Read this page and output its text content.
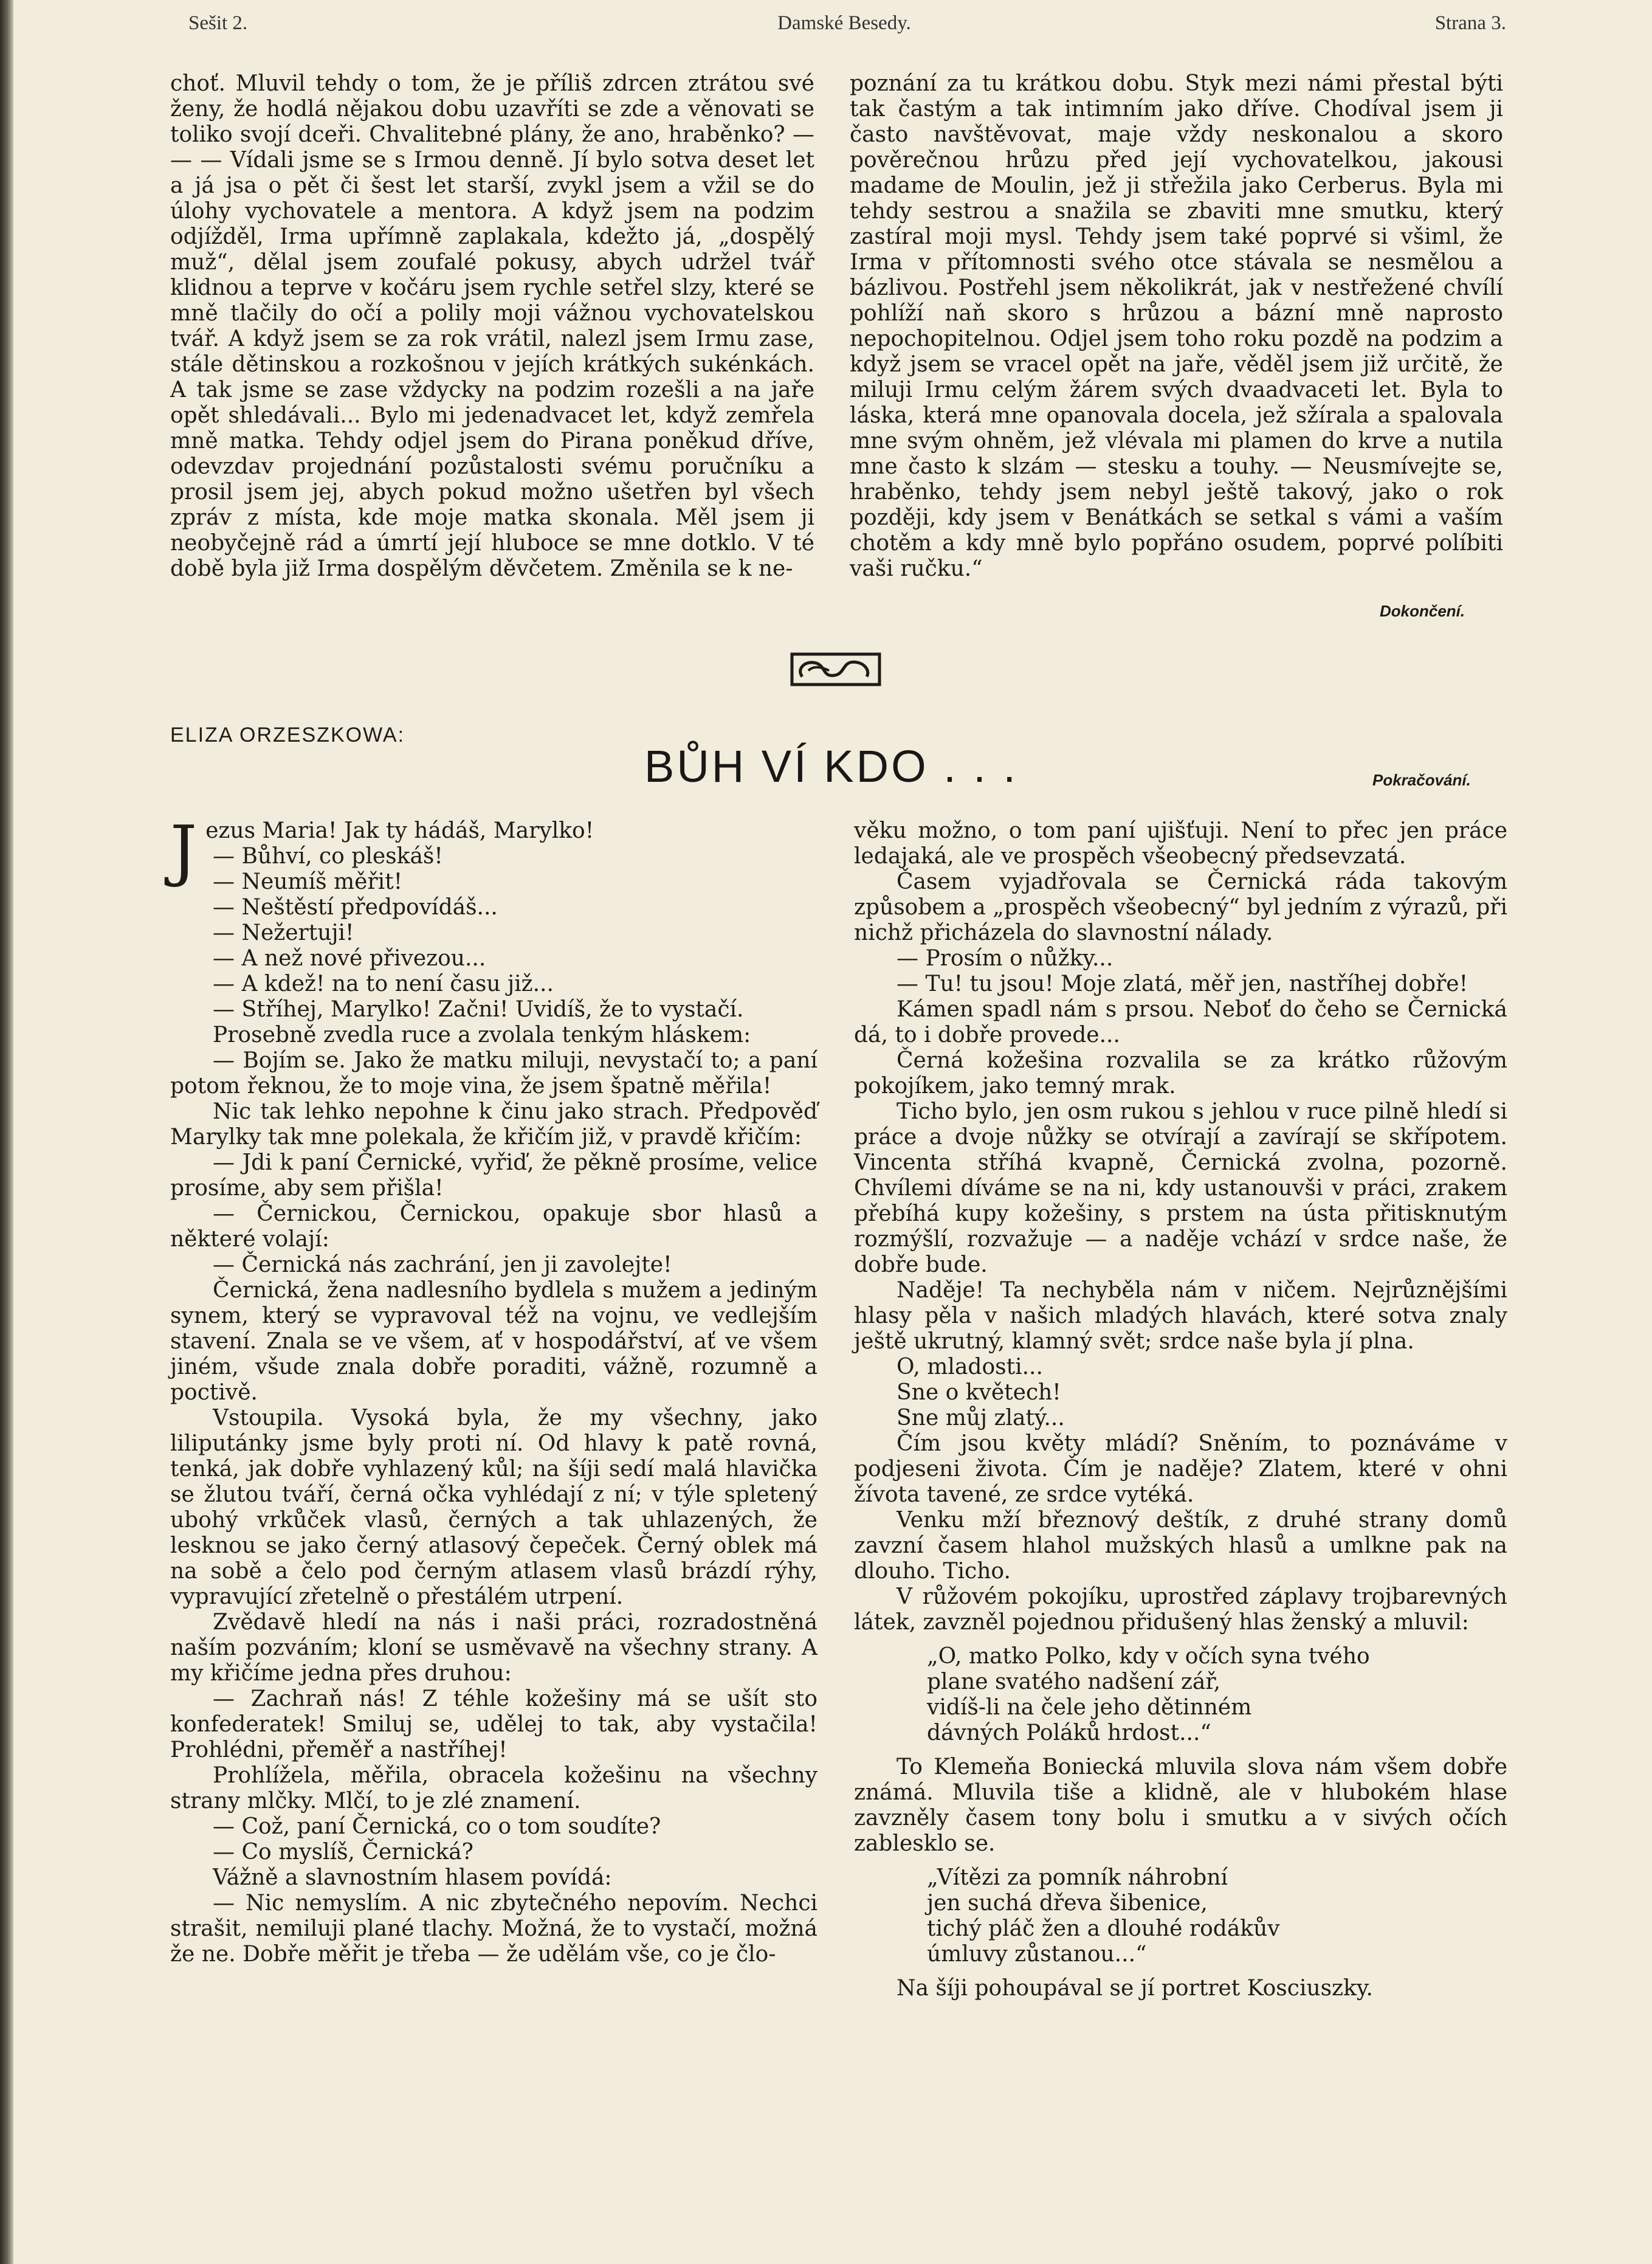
Sešit 2.	Damské Besedy.	Strana 3.

choť. Mluvil tehdy o tom, že je příliš zdrcen ztrátou své ženy, že hodlá nějakou dobu uzavříti se zde a věnovati se toliko svojí dceři. Chvalitebné plány, že ano, hraběnko? — — — Vídali jsme se s Irmou denně. Jí bylo sotva deset let a já jsa o pět či šest let starší, zvykl jsem a vžil se do úlohy vychovatele a mentora. A když jsem na podzim odjížděl, Irma upřímně zaplakala, kdežto já, „dospělý muž“, dělal jsem zoufalé pokusy, abych udržel tvář klidnou a teprve v kočáru jsem rychle setřel slzy, které se mně tlačily do očí a polily moji vážnou vychovatelskou tvář. A když jsem se za rok vrátil, nalezl jsem Irmu zase, stále dětinskou a rozkošnou v jejích krátkých sukénkách. A tak jsme se zase vždycky na podzim rozešli a na jaře opět shledávali... Bylo mi jedenadvacet let, když zemřela mně matka. Tehdy odjel jsem do Pirana poněkud dříve, odevzdav projednání pozůstalosti svému poručníku a prosil jsem jej, abych pokud možno ušetřen byl všech zpráv z místa, kde moje matka skonala. Měl jsem ji neobyčejně rád a úmrtí její hluboce se mne dotklo. V té době byla již Irma dospělým děvčetem. Změnila se k ne-

poznání za tu krátkou dobu. Styk mezi námi přestal býti tak častým a tak intimním jako dříve. Chodíval jsem ji často navštěvovat, maje vždy neskonalou a skoro pověrečnou hrůzu před její vychovatelkou, jakousi madame de Moulin, jež ji střežila jako Cerberus. Byla mi tehdy sestrou a snažila se zbaviti mne smutku, který zastíral moji mysl. Tehdy jsem také poprvé si všiml, že Irma v přítomnosti svého otce stávala se nesmělou a bázlivou. Postřehl jsem několikrát, jak v nestřežené chvílí pohlíží naň skoro s hrůzou a bázní mně naprosto nepochopitelnou. Odjel jsem toho roku pozdě na podzim a když jsem se vracel opět na jaře, věděl jsem již určitě, že miluji Irmu celým žárem svých dvaadvaceti let. Byla to láska, která mne opanovala docela, jež sžírala a spalovala mne svým ohněm, jež vlévala mi plamen do krve a nutila mne často k slzám — stesku a touhy. — Neusmívejte se, hraběnko, tehdy jsem nebyl ještě takový, jako o rok později, kdy jsem v Benátkách se setkal s vámi a vaším chotěm a kdy mně bylo popřáno osudem, poprvé políbiti vaši ručku.“

Dokončení.
ELIZA ORZESZKOWA:
BŮH VÍ KDO . . .	Pokračování.
J ezus Maria! Jak ty hádáš, Marylko!

— Bůhví, co pleskáš!

— Neumíš měřit!

— Neštěstí předpovídáš...

— Nežertuji!

— A než nové přivezou...

— A kdež! na to není času již...

— Stříhej, Marylko! Začni! Uvidíš, že to vystačí.

Prosebně zvedla ruce a zvolala tenkým hláskem:

— Bojím se. Jako že matku miluji, nevystačí to; a paní potom řeknou, že to moje vina, že jsem špatně měřila!

Nic tak lehko nepohne k činu jako strach. Předpověď Marylky tak mne polekala, že křičím již, v pravdě křičím:

— Jdi k paní Černické, vyřiď, že pěkně prosíme, velice prosíme, aby sem přišla!

— Černickou, Černickou, opakuje sbor hlasů a některé volají:

— Černická nás zachrání, jen ji zavolejte!

Černická, žena nadlesního bydlela s mužem a jediným synem, který se vypravoval též na vojnu, ve vedlejším stavení. Znala se ve všem, ať v hospodářství, ať ve všem jiném, všude znala dobře poraditi, vážně, rozumně a poctivě.

Vstoupila. Vysoká byla, že my všechny, jako liliputánky jsme byly proti ní. Od hlavy k patě rovná, tenká, jak dobře vyhlazený kůl; na šíji sedí malá hlavička se žlutou tváří, černá očka vyhlédají z ní; v týle spletený ubohý vrkůček vlasů, černých a tak uhlazených, že lesknou se jako černý atlasový čepeček. Černý oblek má na sobě a čelo pod černým atlasem vlasů brázdí rýhy, vypravující zřetelně o přestálém utrpení.

Zvědavě hledí na nás i naši práci, rozradostněná naším pozváním; kloní se usměvavě na všechny strany. A my křičíme jedna přes druhou:

— Zachraň nás! Z téhle kožešiny má se ušít sto konfederatek! Smiluj se, udělej to tak, aby vystačila! Prohlédni, přeměř a nastříhej!

Prohlížela, měřila, obracela kožešinu na všechny strany mlčky. Mlčí, to je zlé znamení.

— Což, paní Černická, co o tom soudíte?

— Co myslíš, Černická?

Vážně a slavnostním hlasem povídá:

— Nic nemyslím. A nic zbytečného nepovím. Nechci strašit, nemiluji plané tlachy. Možná, že to vystačí, možná že ne. Dobře měřit je třeba — že udělám vše, co je člo-

věku možno, o tom paní ujišťuji. Není to přec jen práce ledajaká, ale ve prospěch všeobecný předsevzatá.

Časem vyjadřovala se Černická ráda takovým způsobem a „prospěch všeobecný“ byl jedním z výrazů, při nichž přicházela do slavnostní nálady.

— Prosím o nůžky...

— Tu! tu jsou! Moje zlatá, měř jen, nastříhej dobře!

Kámen spadl nám s prsou. Neboť do čeho se Černická dá, to i dobře provede...

Černá kožešina rozvalila se za krátko růžovým pokojíkem, jako temný mrak.

Ticho bylo, jen osm rukou s jehlou v ruce pilně hledí si práce a dvoje nůžky se otvírají a zavírají se skřípotem. Vincenta stříhá kvapně, Černická zvolna, pozorně. Chvílemi díváme se na ni, kdy ustanouvši v práci, zrakem přebíhá kupy kožešiny, s prstem na ústa přitisknutým rozmýšlí, rozvažuje — a naděje vchází v srdce naše, že dobře bude.

Naděje! Ta nechyběla nám v ničem. Nejrůznějšími hlasy pěla v našich mladých hlavách, které sotva znaly ještě ukrutný, klamný svět; srdce naše byla jí plna.

O, mladosti...

Sne o květech!

Sne můj zlatý...

Čím jsou květy mládí? Sněním, to poznáváme v podjeseni života. Čím je naděje? Zlatem, které v ohni žívota tavené, ze srdce vytéká.

Venku mží březnový deštík, z druhé strany domů zavzní časem hlahol mužských hlasů a umlkne pak na dlouho. Ticho.

V růžovém pokojíku, uprostřed záplavy trojbarevných látek, zavzněl pojednou přidušený hlas ženský a mluvil:

„O, matko Polko, kdy v očích syna tvého
plane svatého nadšení zář,
vidíš-li na čele jeho dětinném
dávných Poláků hrdost...“

To Klemeňa Boniecká mluvila slova nám všem dobře známá. Mluvila tiše a klidně, ale v hlubokém hlase zavzněly časem tony bolu i smutku a v sivých očích zablesklo se.

„Vítězi za pomník náhrobní
jen suchá dřeva šibenice,
tichý pláč žen a dlouhé rodákův
úmluvy zůstanou...“

Na šíji pohoupával se jí portret Kosciuszky.
